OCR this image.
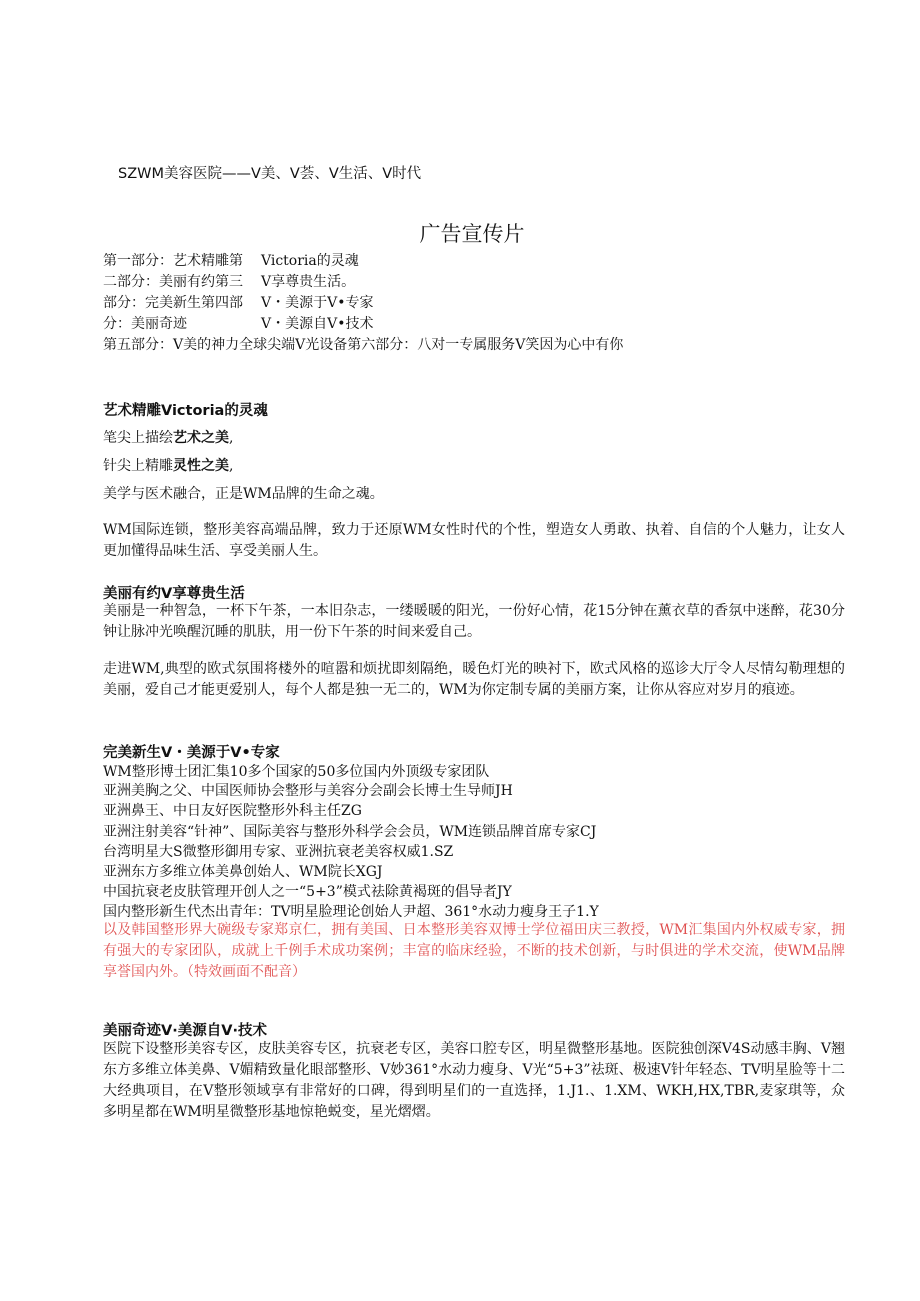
SZWM美容医院——V美、V荟、V生活、V时代
广告宣传片
第一部分：艺术精雕第 Victoria的灵魂
二部分：美丽有约第三 V享尊贵生活。
部分：完美新生第四部 V・美源于V•专家
分：美丽奇迹	V・美源自V•技术
第五部分：V美的神力全球尖端V光设备第六部分：八对一专属服务V笑因为心中有你
艺术精雕Victoria的灵魂
笔尖上描绘艺术之美,
针尖上精雕灵性之美,
美学与医术融合，正是WM品牌的生命之魂。
WM国际连锁，整形美容高端品牌，致力于还原WM女性时代的个性，塑造女人勇敢、执着、自信的个人魅力，让女人更加懂得品味生活、享受美丽人生。
美丽有约V享尊贵生活
美丽是一种智急，一杯下午茶，一本旧杂志，一缕暖暖的阳光，一份好心情，花15分钟在薰衣草的香氛中迷醉，花30分钟让脉冲光唤醒沉睡的肌肤，用一份下午茶的时间来爱自己。
走进WM,典型的欧式氛围将楼外的喧嚣和烦扰即刻隔绝，暖色灯光的映衬下，欧式风格的巡诊大厅令人尽情勾勒理想的美丽，爱自己才能更爱别人，每个人都是独一无二的，WM为你定制专属的美丽方案，让你从容应对岁月的痕迹。
完美新生V・美源于V•专家
WM整形博士团汇集10多个国家的50多位国内外顶级专家团队
亚洲美胸之父、中国医师协会整形与美容分会副会长博士生导师JH
亚洲鼻王、中日友好医院整形外科主任ZG
亚洲注射美容“针神”、国际美容与整形外科学会会员，WM连锁品牌首席专家CJ
台湾明星大S微整形御用专家、亚洲抗衰老美容权威1.SZ
亚洲东方多维立体美鼻创始人、WM院长XGJ
中国抗衰老皮肤管理开创人之一“5+3”模式祛除黄褐斑的倡导者JY
国内整形新生代杰出青年：TV明星脸理论创始人尹超、361°水动力瘦身王子1.Y
以及韩国整形界大碗级专家郑京仁，拥有美国、日本整形美容双博士学位福田庆三教授，WM汇集国内外权威专家，拥有强大的专家团队，成就上千例手术成功案例；丰富的临床经验，不断的技术创新，与时俱进的学术交流，使WM品牌享誉国内外。（特效画面不配音）
美丽奇迹V·美源自V·技术
医院下设整形美容专区，皮肤美容专区，抗衰老专区，美容口腔专区，明星微整形基地。医院独创深V4S动感丰胸、V翘东方多维立体美鼻、V媚精致量化眼部整形、V妙361°水动力瘦身、V光“5+3”祛斑、极速V针年轻态、TV明星脸等十二大经典项目，在V整形领域享有非常好的口碑，得到明星们的一直选择，1.J1.、1.XM、WKH,HX,TBR,麦家琪等，众多明星都在WM明星微整形基地惊艳蜕变，星光熠熠。
